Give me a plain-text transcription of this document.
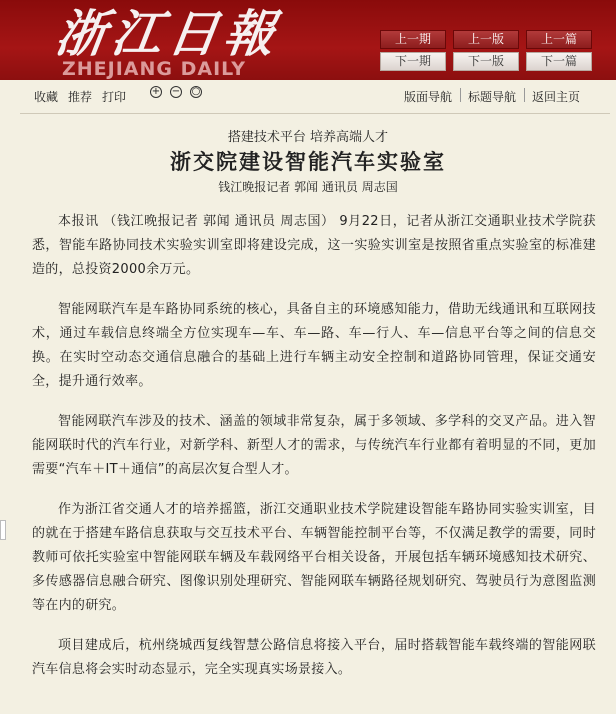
浙江日報
ZHEJIANG DAILY
上一期	上一版	上一篇
下一期	下一版	下一篇
收藏 推荐 打印	+ − ○	版面导航 标题导航 返回主页
搭建技术平台 培养高端人才
浙交院建设智能汽车实验室
钱江晚报记者 郭闻 通讯员 周志国

本报讯 （钱江晚报记者 郭闻 通讯员 周志国） 9月22日，记者从浙江交通职业技术学院获悉，智能车路协同技术实验实训室即将建设完成，这一实验实训室是按照省重点实验室的标准建造的，总投资2000余万元。

智能网联汽车是车路协同系统的核心，具备自主的环境感知能力，借助无线通讯和互联网技术，通过车载信息终端全方位实现车—车、车—路、车—行人、车—信息平台等之间的信息交换。在实时空动态交通信息融合的基础上进行车辆主动安全控制和道路协同管理，保证交通安全，提升通行效率。

智能网联汽车涉及的技术、涵盖的领域非常复杂，属于多领域、多学科的交叉产品。进入智能网联时代的汽车行业，对新学科、新型人才的需求，与传统汽车行业都有着明显的不同，更加需要“汽车＋IT＋通信”的高层次复合型人才。

作为浙江省交通人才的培养摇篮，浙江交通职业技术学院建设智能车路协同实验实训室，目的就在于搭建车路信息获取与交互技术平台、车辆智能控制平台等，不仅满足教学的需要，同时教师可依托实验室中智能网联车辆及车载网络平台相关设备，开展包括车辆环境感知技术研究、多传感器信息融合研究、图像识别处理研究、智能网联车辆路径规划研究、驾驶员行为意图监测等在内的研究。

项目建成后，杭州绕城西复线智慧公路信息将接入平台，届时搭载智能车载终端的智能网联汽车信息将会实时动态显示，完全实现真实场景接入。
